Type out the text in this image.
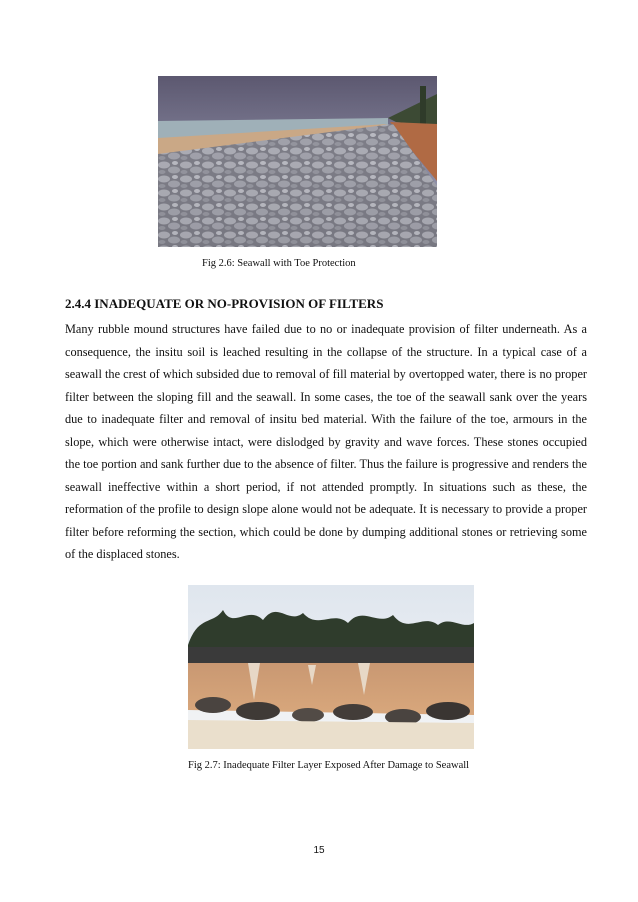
Fig 2.6: Seawall with Toe Protection
2.4.4 INADEQUATE OR NO-PROVISION OF FILTERS

Many rubble mound structures have failed due to no or inadequate provision of filter underneath. As a consequence, the insitu soil is leached resulting in the collapse of the structure. In a typical case of a seawall the crest of which subsided due to removal of fill material by overtopped water, there is no proper filter between the sloping fill and the seawall. In some cases, the toe of the seawall sank over the years due to inadequate filter and removal of insitu bed material. With the failure of the toe, armours in the slope, which were otherwise intact, were dislodged by gravity and wave forces. These stones occupied the toe portion and sank further due to the absence of filter. Thus the failure is progressive and renders the seawall ineffective within a short period, if not attended promptly. In situations such as these, the reformation of the profile to design slope alone would not be adequate. It is necessary to provide a proper filter before reforming the section, which could be done by dumping additional stones or retrieving some of the displaced stones.

Fig 2.7: Inadequate Filter Layer Exposed After Damage to Seawall
15
